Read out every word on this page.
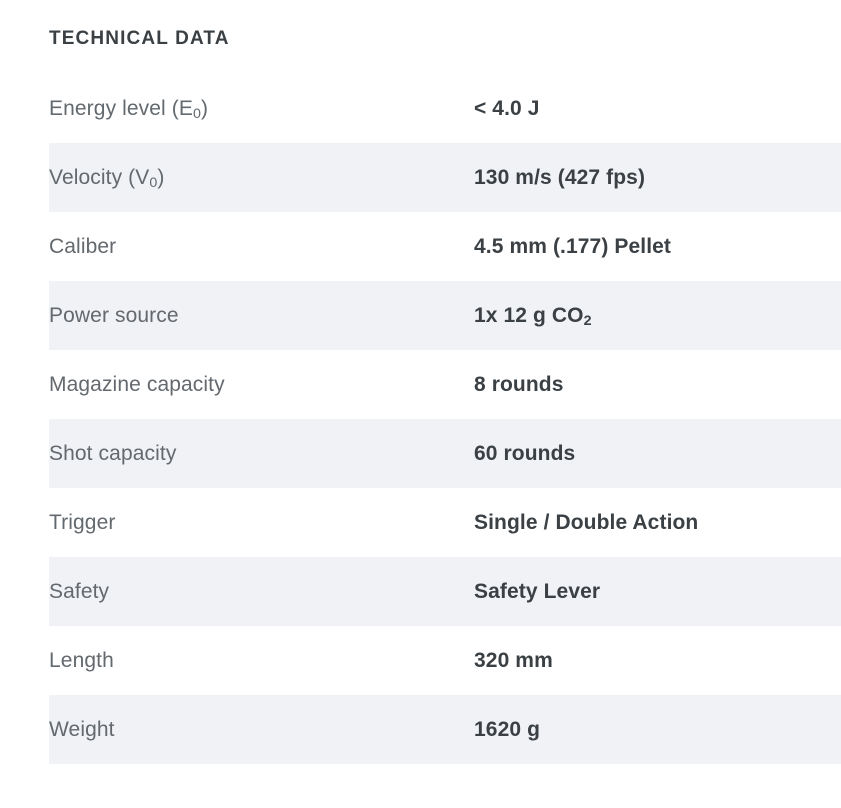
TECHNICAL DATA
Energy level $(E_0)$	< 4.0 J
Velocity $(V_0)$	130 m/s (427 fps)
Caliber	4.5 mm (.177) Pellet
Power source	1x 12 g $CO_2$
Magazine capacity	8 rounds
Shot capacity	60 rounds
Trigger	Single / Double Action
Safety	Safety Lever
Length	320 mm
Weight	1620 g
